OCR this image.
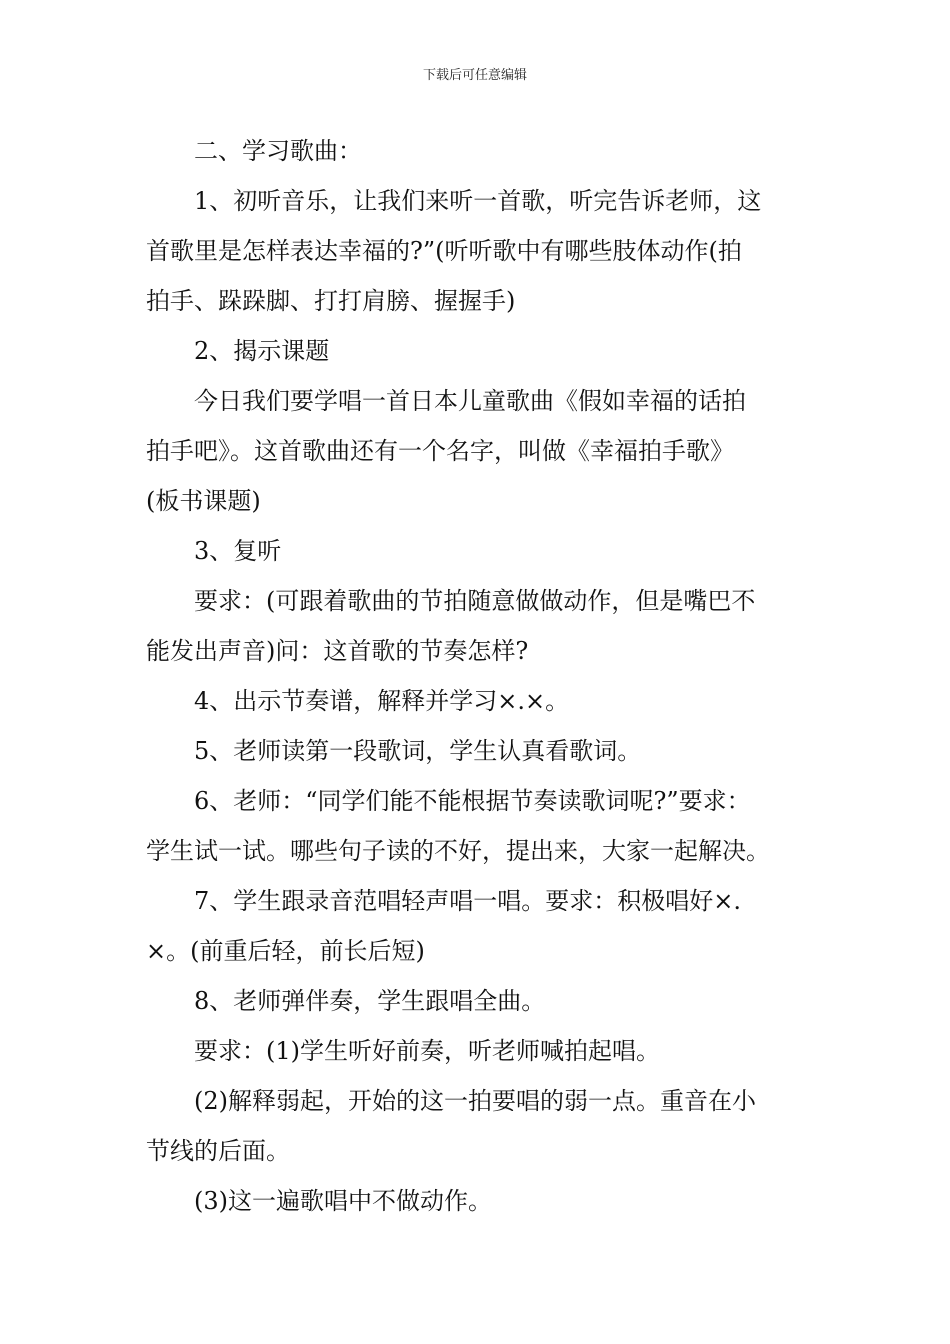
下载后可任意编辑

二、学习歌曲：

1、初听音乐，让我们来听一首歌，听完告诉老师，这

首歌里是怎样表达幸福的?”(听听歌中有哪些肢体动作(拍

拍手、跺跺脚、打打肩膀、握握手)

2、揭示课题

今日我们要学唱一首日本儿童歌曲《假如幸福的话拍

拍手吧》。这首歌曲还有一个名字，叫做《幸福拍手歌》

(板书课题)

3、复听

要求：(可跟着歌曲的节拍随意做做动作，但是嘴巴不

能发出声音)问：这首歌的节奏怎样?

4、出示节奏谱，解释并学习×.×。

5、老师读第一段歌词，学生认真看歌词。

6、老师：“同学们能不能根据节奏读歌词呢?”要求：

学生试一试。哪些句子读的不好，提出来，大家一起解决。

7、学生跟录音范唱轻声唱一唱。要求：积极唱好×.

×。(前重后轻，前长后短)

8、老师弹伴奏，学生跟唱全曲。

要求：(1)学生听好前奏，听老师喊拍起唱。

(2)解释弱起，开始的这一拍要唱的弱一点。重音在小

节线的后面。

(3)这一遍歌唱中不做动作。
